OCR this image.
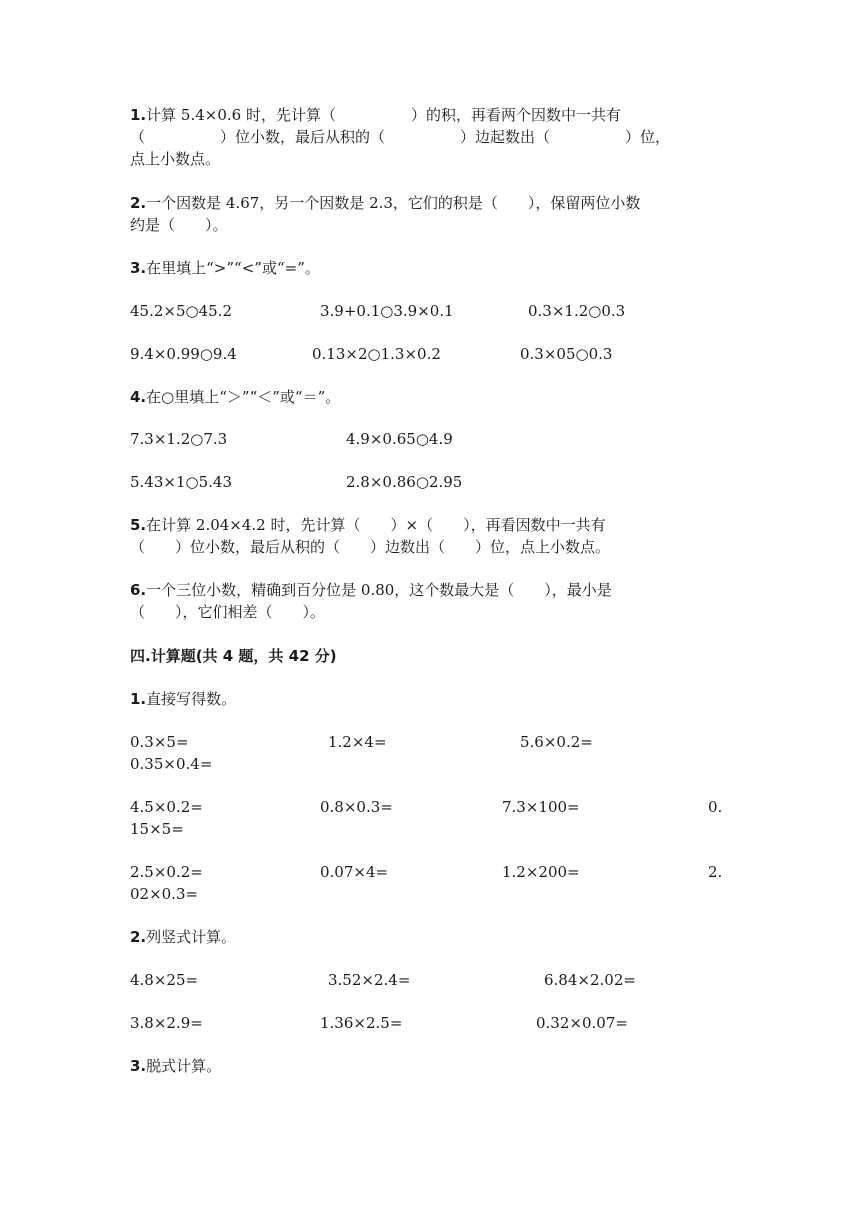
1.计算 5.4×0.6 时，先计算（　　　　　）的积，再看两个因数中一共有

（　　　　　）位小数，最后从积的（　　　　　）边起数出（　　　　　）位，

点上小数点。

2.一个因数是 4.67，另一个因数是 2.3，它们的积是（　　），保留两位小数

约是（　　）。

3.在里填上“>”“<”或“=”。

45.2×5○45.2	3.9+0.1○3.9×0.1	0.3×1.2○0.3
9.4×0.99○9.4	0.13×2○1.3×0.2	0.3×05○0.3

4.在○里填上“＞”“＜”或“＝”。

7.3×1.2○7.3	4.9×0.65○4.9
5.43×1○5.43	2.8×0.86○2.95

5.在计算 2.04×4.2 时，先计算（　　）×（　　），再看因数中一共有

（　　）位小数，最后从积的（　　）边数出（　　）位，点上小数点。

6.一个三位小数，精确到百分位是 0.80，这个数最大是（　　），最小是

（　　），它们相差（　　）。

四.计算题(共 4 题，共 42 分)

1.直接写得数。

0.3×5=	1.2×4=	5.6×0.2=
0.35×0.4=
4.5×0.2=	0.8×0.3=	7.3×100=	0.
15×5=
2.5×0.2=	0.07×4=	1.2×200=	2.
02×0.3=

2.列竖式计算。

4.8×25=	3.52×2.4=	6.84×2.02=
3.8×2.9=	1.36×2.5=	0.32×0.07=

3.脱式计算。
